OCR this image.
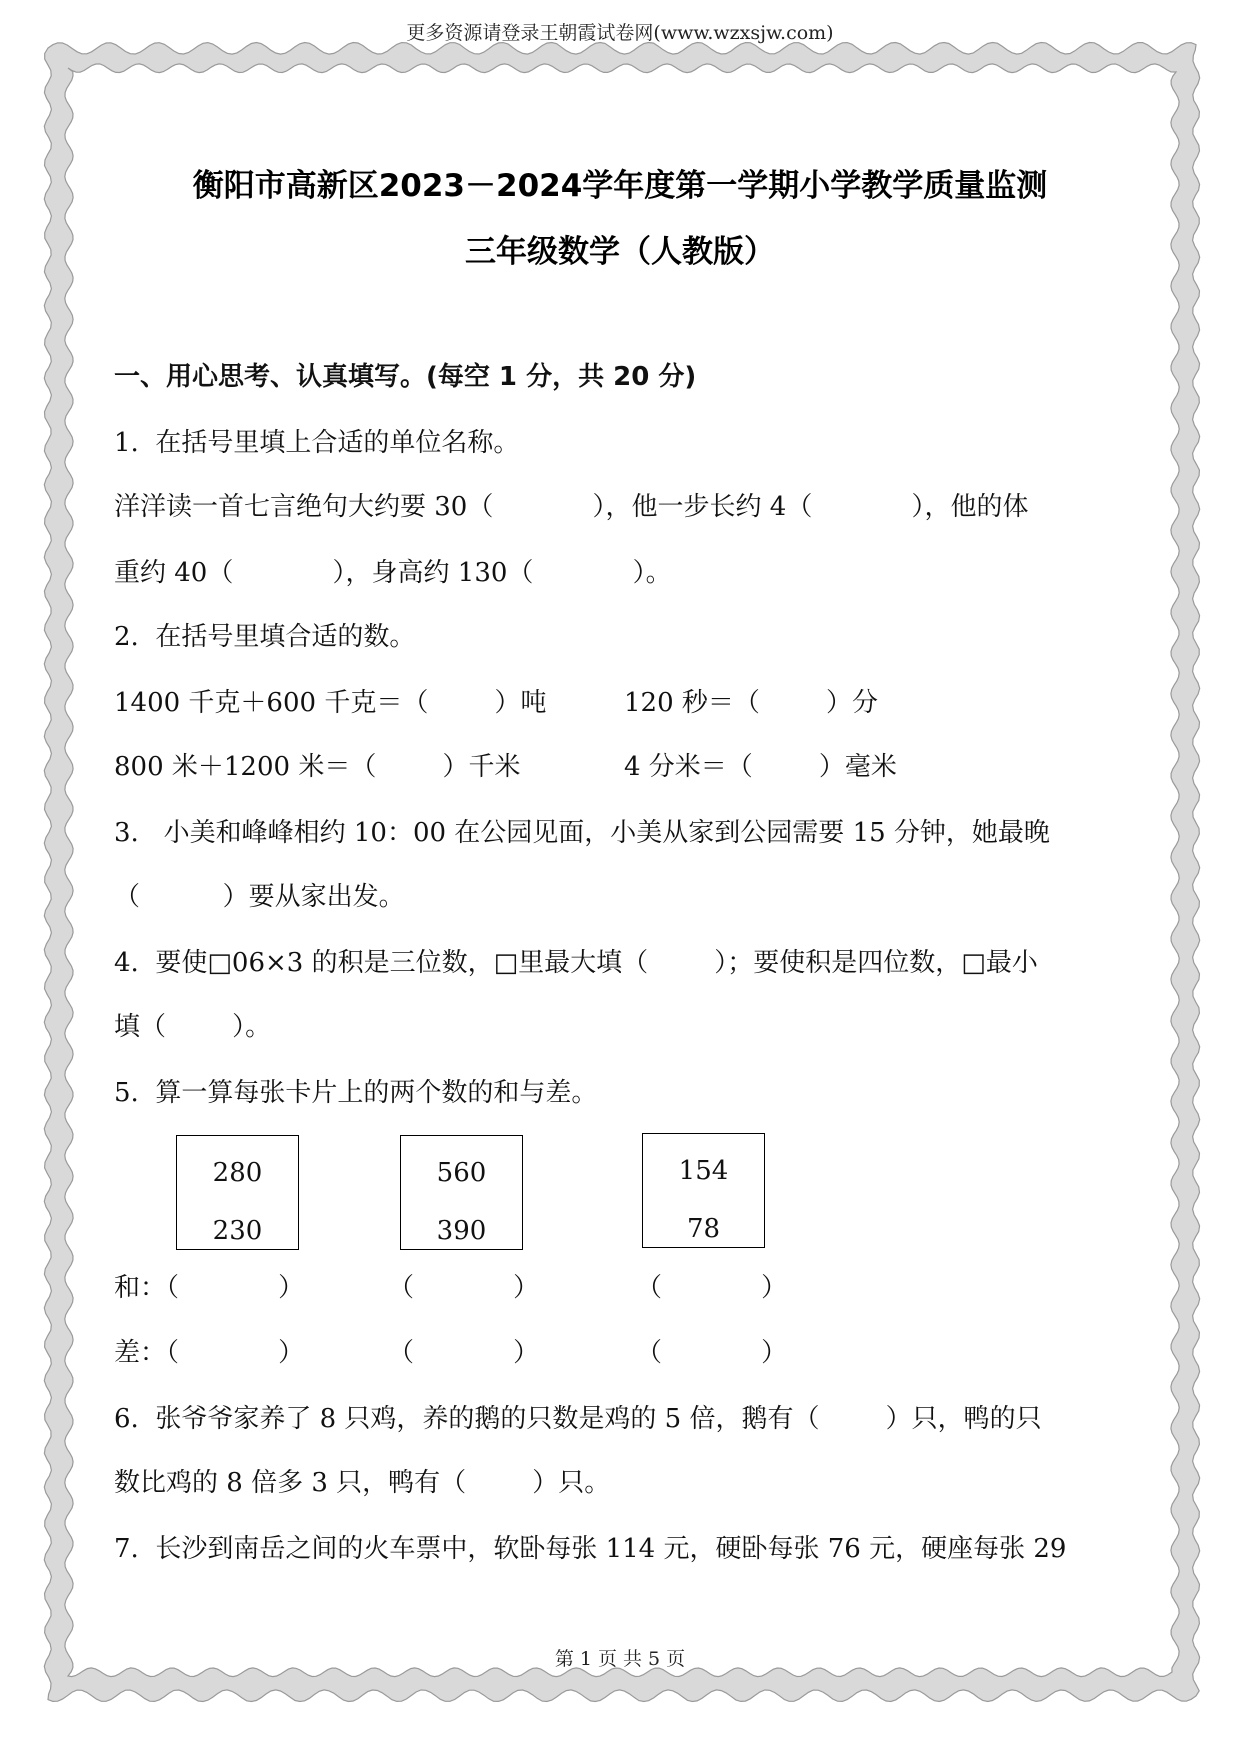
更多资源请登录王朝霞试卷网(www.wzxsjw.com)
衡阳市高新区2023－2024学年度第一学期小学教学质量监测
三年级数学（人教版）
一、用心思考、认真填写。(每空 1 分，共 20 分)
1.  在括号里填上合适的单位名称。
洋洋读一首七言绝句大约要 30（            ），他一步长约 4（            ），他的体
重约 40（            ），身高约 130（            ）。
2.  在括号里填合适的数。
1400 千克＋600 千克＝（        ）吨	120 秒＝（        ）分
800 米＋1200 米＝（        ）千米	4 分米＝（        ）毫米
3.   小美和峰峰相约 10：00 在公园见面，小美从家到公园需要 15 分钟，她最晚
（          ）要从家出发。
4.  要使□06×3 的积是三位数，□里最大填（        ）；要使积是四位数，□最小
填（        ）。
5.  算一算每张卡片上的两个数的和与差。
280
230
560
390
154
78
和：（            ）	（            ）	（            ）
差：（            ）	（            ）	（            ）
6.  张爷爷家养了 8 只鸡，养的鹅的只数是鸡的 5 倍，鹅有（        ）只，鸭的只
数比鸡的 8 倍多 3 只，鸭有（        ）只。
7.  长沙到南岳之间的火车票中，软卧每张 114 元，硬卧每张 76 元，硬座每张 29
第 1 页 共 5 页
